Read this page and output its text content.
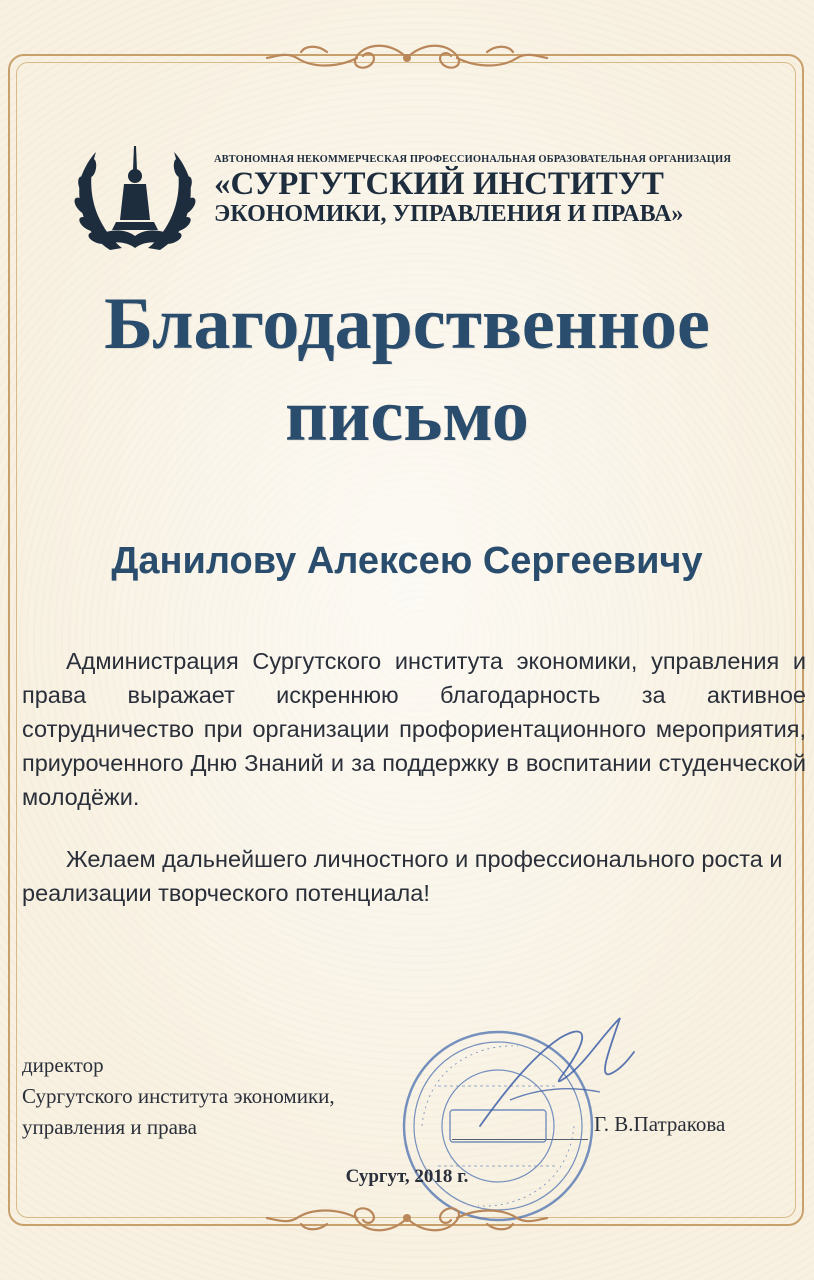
АВТОНОМНАЯ НЕКОММЕРЧЕСКАЯ ПРОФЕССИОНАЛЬНАЯ ОБРАЗОВАТЕЛЬНАЯ ОРГАНИЗАЦИЯ
«СУРГУТСКИЙ ИНСТИТУТ
ЭКОНОМИКИ, УПРАВЛЕНИЯ И ПРАВА»
Благодарственное
письмо
Данилову Алексею Сергеевичу

Администрация Сургутского института экономики, управления и права выражает искреннюю благодарность за активное сотрудничество при организации профориентационного мероприятия, приуроченного Дню Знаний и за поддержку в воспитании студенческой молодёжи.

Желаем дальнейшего личностного и профессионального роста и реализации творческого потенциала!

директор
Сургутского института экономики,
управления и права	Г. В.Патракова
Сургут, 2018 г.
